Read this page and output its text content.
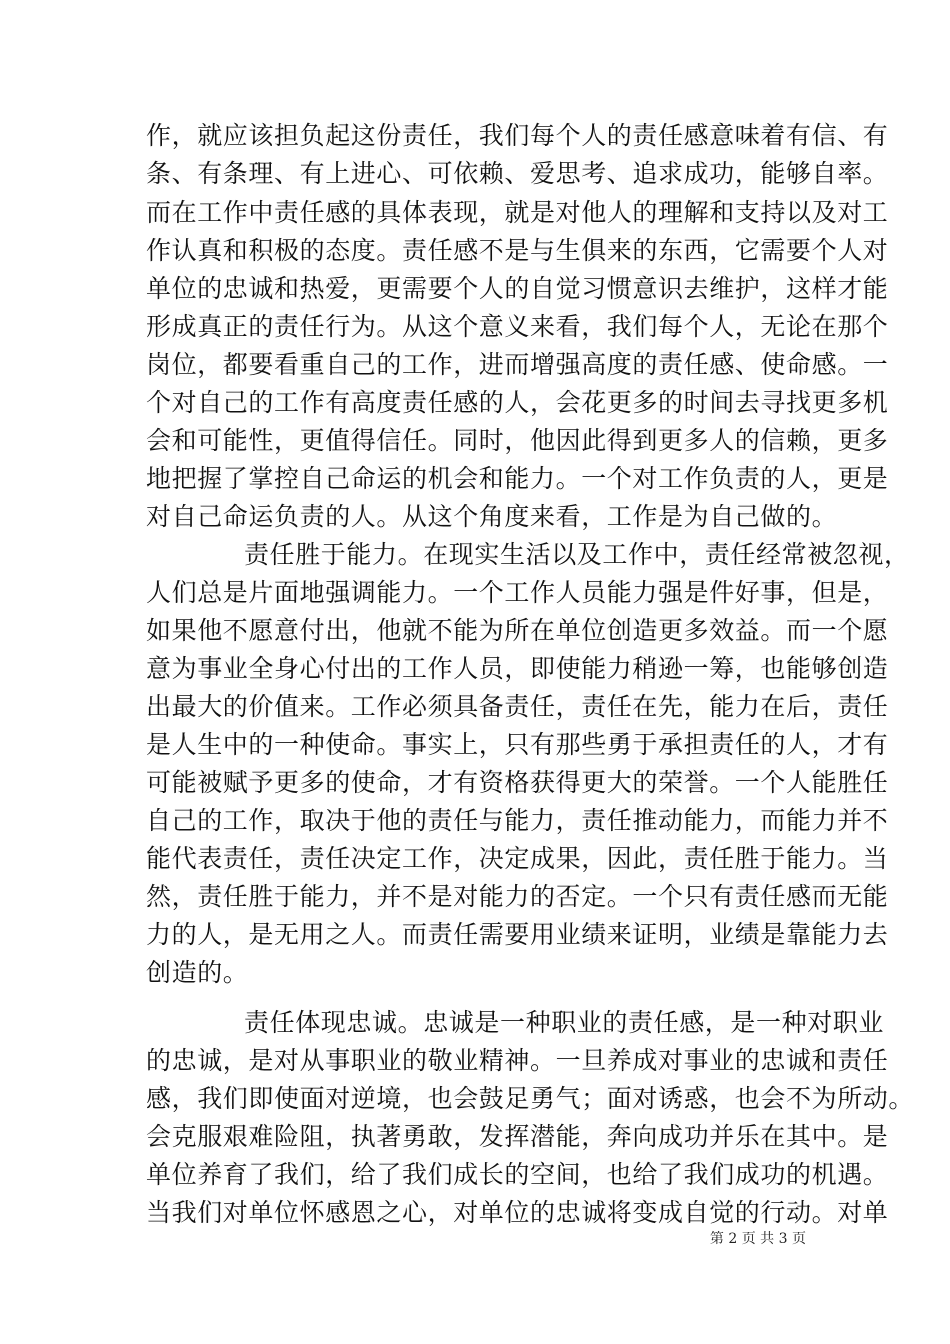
作，就应该担负起这份责任，我们每个人的责任感意味着有信、有
条、有条理、有上进心、可依赖、爱思考、追求成功，能够自率。
而在工作中责任感的具体表现，就是对他人的理解和支持以及对工
作认真和积极的态度。责任感不是与生俱来的东西，它需要个人对
单位的忠诚和热爱，更需要个人的自觉习惯意识去维护，这样才能
形成真正的责任行为。从这个意义来看，我们每个人，无论在那个
岗位，都要看重自己的工作，进而增强高度的责任感、使命感。一
个对自己的工作有高度责任感的人，会花更多的时间去寻找更多机
会和可能性，更值得信任。同时，他因此得到更多人的信赖，更多
地把握了掌控自己命运的机会和能力。一个对工作负责的人，更是
对自己命运负责的人。从这个角度来看，工作是为自己做的。
责任胜于能力。在现实生活以及工作中，责任经常被忽视，
人们总是片面地强调能力。一个工作人员能力强是件好事，但是，
如果他不愿意付出，他就不能为所在单位创造更多效益。而一个愿
意为事业全身心付出的工作人员，即使能力稍逊一筹，也能够创造
出最大的价值来。工作必须具备责任，责任在先，能力在后，责任
是人生中的一种使命。事实上，只有那些勇于承担责任的人，才有
可能被赋予更多的使命，才有资格获得更大的荣誉。一个人能胜任
自己的工作，取决于他的责任与能力，责任推动能力，而能力并不
能代表责任，责任决定工作，决定成果，因此，责任胜于能力。当
然，责任胜于能力，并不是对能力的否定。一个只有责任感而无能
力的人，是无用之人。而责任需要用业绩来证明，业绩是靠能力去
创造的。
责任体现忠诚。忠诚是一种职业的责任感，是一种对职业
的忠诚，是对从事职业的敬业精神。一旦养成对事业的忠诚和责任
感，我们即使面对逆境，也会鼓足勇气；面对诱惑，也会不为所动。
会克服艰难险阻，执著勇敢，发挥潜能，奔向成功并乐在其中。是
单位养育了我们，给了我们成长的空间，也给了我们成功的机遇。
当我们对单位怀感恩之心，对单位的忠诚将变成自觉的行动。对单
第 2 页 共 3 页
